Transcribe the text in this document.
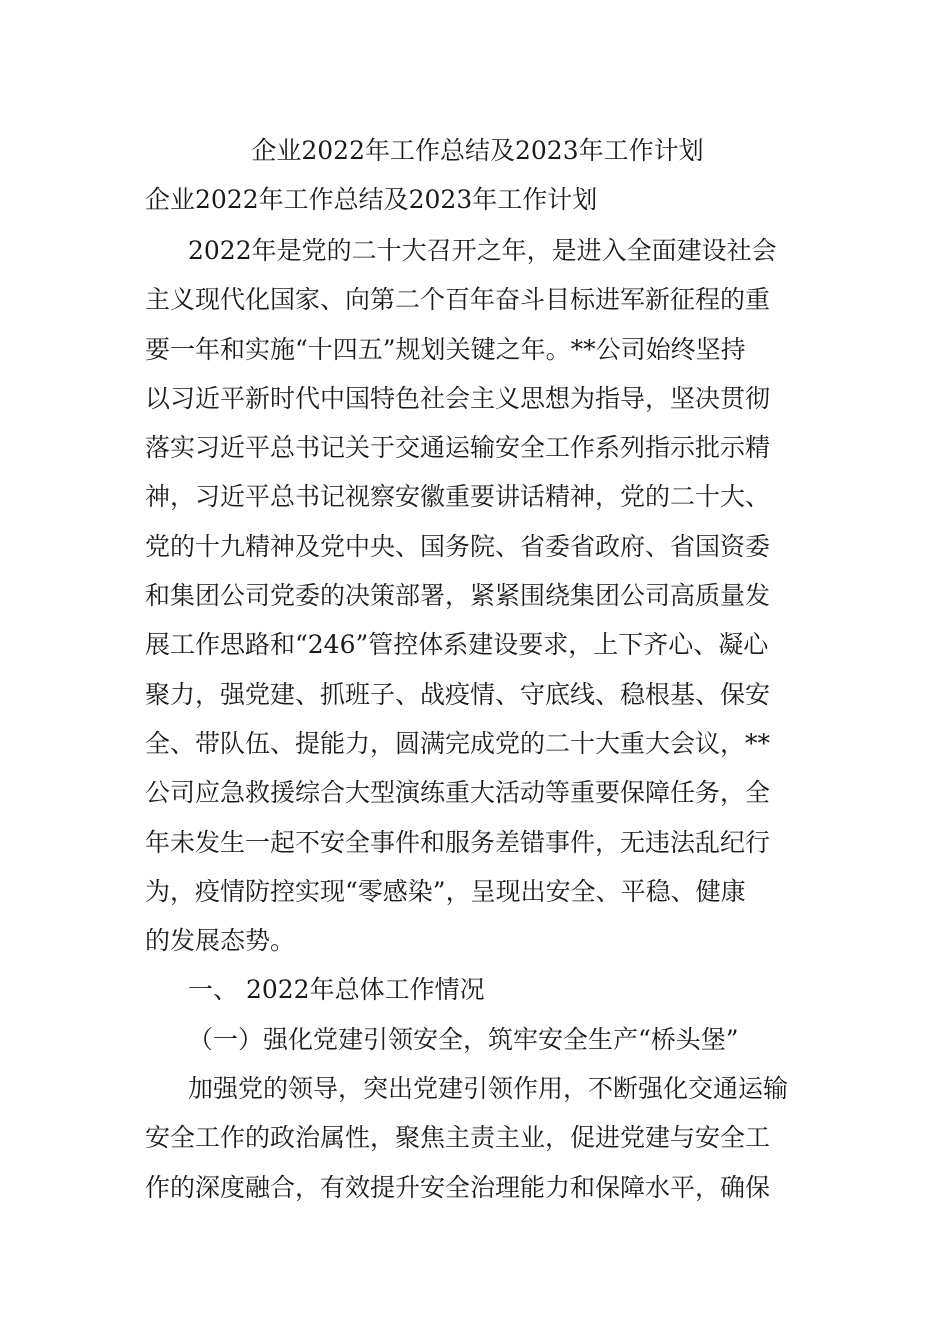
企业2022年工作总结及2023年工作计划
企业2022年工作总结及2023年工作计划
2022年是党的二十大召开之年，是进入全面建设社会
主义现代化国家、向第二个百年奋斗目标进军新征程的重
要一年和实施“十四五”规划关键之年。**公司始终坚持
以习近平新时代中国特色社会主义思想为指导，坚决贯彻
落实习近平总书记关于交通运输安全工作系列指示批示精
神，习近平总书记视察安徽重要讲话精神，党的二十大、
党的十九精神及党中央、国务院、省委省政府、省国资委
和集团公司党委的决策部署，紧紧围绕集团公司高质量发
展工作思路和“246”管控体系建设要求，上下齐心、凝心
聚力，强党建、抓班子、战疫情、守底线、稳根基、保安
全、带队伍、提能力，圆满完成党的二十大重大会议，**
公司应急救援综合大型演练重大活动等重要保障任务，全
年未发生一起不安全事件和服务差错事件，无违法乱纪行
为，疫情防控实现“零感染”，呈现出安全、平稳、健康
的发展态势。
一、 2022年总体工作情况
（一）强化党建引领安全，筑牢安全生产“桥头堡”
加强党的领导，突出党建引领作用，不断强化交通运输
安全工作的政治属性，聚焦主责主业，促进党建与安全工
作的深度融合，有效提升安全治理能力和保障水平，确保
